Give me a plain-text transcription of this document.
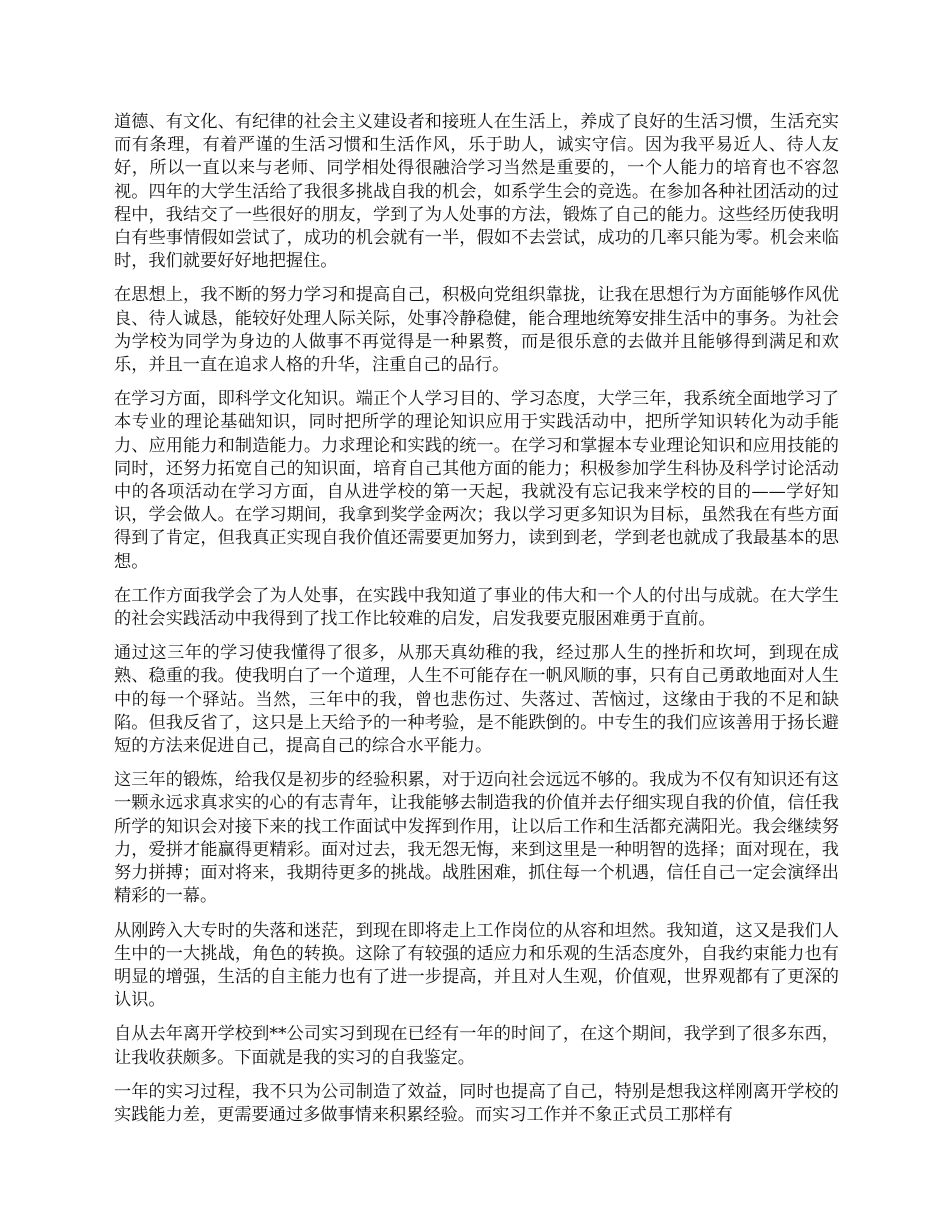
道德、有文化、有纪律的社会主义建设者和接班人在生活上，养成了良好的生活习惯，生活充实而有条理，有着严谨的生活习惯和生活作风，乐于助人，诚实守信。因为我平易近人、待人友好，所以一直以来与老师、同学相处得很融洽学习当然是重要的，一个人能力的培育也不容忽视。四年的大学生活给了我很多挑战自我的机会，如系学生会的竞选。在参加各种社团活动的过程中，我结交了一些很好的朋友，学到了为人处事的方法，锻炼了自己的能力。这些经历使我明白有些事情假如尝试了，成功的机会就有一半，假如不去尝试，成功的几率只能为零。机会来临时，我们就要好好地把握住。

在思想上，我不断的努力学习和提高自己，积极向党组织靠拢，让我在思想行为方面能够作风优良、待人诚恳，能较好处理人际关际，处事冷静稳健，能合理地统筹安排生活中的事务。为社会为学校为同学为身边的人做事不再觉得是一种累赘，而是很乐意的去做并且能够得到满足和欢乐，并且一直在追求人格的升华，注重自己的品行。

在学习方面，即科学文化知识。端正个人学习目的、学习态度，大学三年，我系统全面地学习了本专业的理论基础知识，同时把所学的理论知识应用于实践活动中，把所学知识转化为动手能力、应用能力和制造能力。力求理论和实践的统一。在学习和掌握本专业理论知识和应用技能的同时，还努力拓宽自己的知识面，培育自己其他方面的能力；积极参加学生科协及科学讨论活动中的各项活动在学习方面，自从进学校的第一天起，我就没有忘记我来学校的目的——学好知识，学会做人。在学习期间，我拿到奖学金两次；我以学习更多知识为目标，虽然我在有些方面得到了肯定，但我真正实现自我价值还需要更加努力，读到到老，学到老也就成了我最基本的思想。

在工作方面我学会了为人处事，在实践中我知道了事业的伟大和一个人的付出与成就。在大学生的社会实践活动中我得到了找工作比较难的启发，启发我要克服困难勇于直前。

通过这三年的学习使我懂得了很多，从那天真幼稚的我，经过那人生的挫折和坎坷，到现在成熟、稳重的我。使我明白了一个道理，人生不可能存在一帆风顺的事，只有自己勇敢地面对人生中的每一个驿站。当然，三年中的我，曾也悲伤过、失落过、苦恼过，这缘由于我的不足和缺陷。但我反省了，这只是上天给予的一种考验，是不能跌倒的。中专生的我们应该善用于扬长避短的方法来促进自己，提高自己的综合水平能力。

这三年的锻炼，给我仅是初步的经验积累，对于迈向社会远远不够的。我成为不仅有知识还有这一颗永远求真求实的心的有志青年，让我能够去制造我的价值并去仔细实现自我的价值，信任我所学的知识会对接下来的找工作面试中发挥到作用，让以后工作和生活都充满阳光。我会继续努力，爱拼才能赢得更精彩。面对过去，我无怨无悔，来到这里是一种明智的选择；面对现在，我努力拼搏；面对将来，我期待更多的挑战。战胜困难，抓住每一个机遇，信任自己一定会演绎出精彩的一幕。

从刚跨入大专时的失落和迷茫，到现在即将走上工作岗位的从容和坦然。我知道，这又是我们人生中的一大挑战，角色的转换。这除了有较强的适应力和乐观的生活态度外，自我约束能力也有明显的增强，生活的自主能力也有了进一步提高，并且对人生观，价值观，世界观都有了更深的认识。

自从去年离开学校到**公司实习到现在已经有一年的时间了，在这个期间，我学到了很多东西，让我收获颇多。下面就是我的实习的自我鉴定。

一年的实习过程，我不只为公司制造了效益，同时也提高了自己，特别是想我这样刚离开学校的实践能力差，更需要通过多做事情来积累经验。而实习工作并不象正式员工那样有
